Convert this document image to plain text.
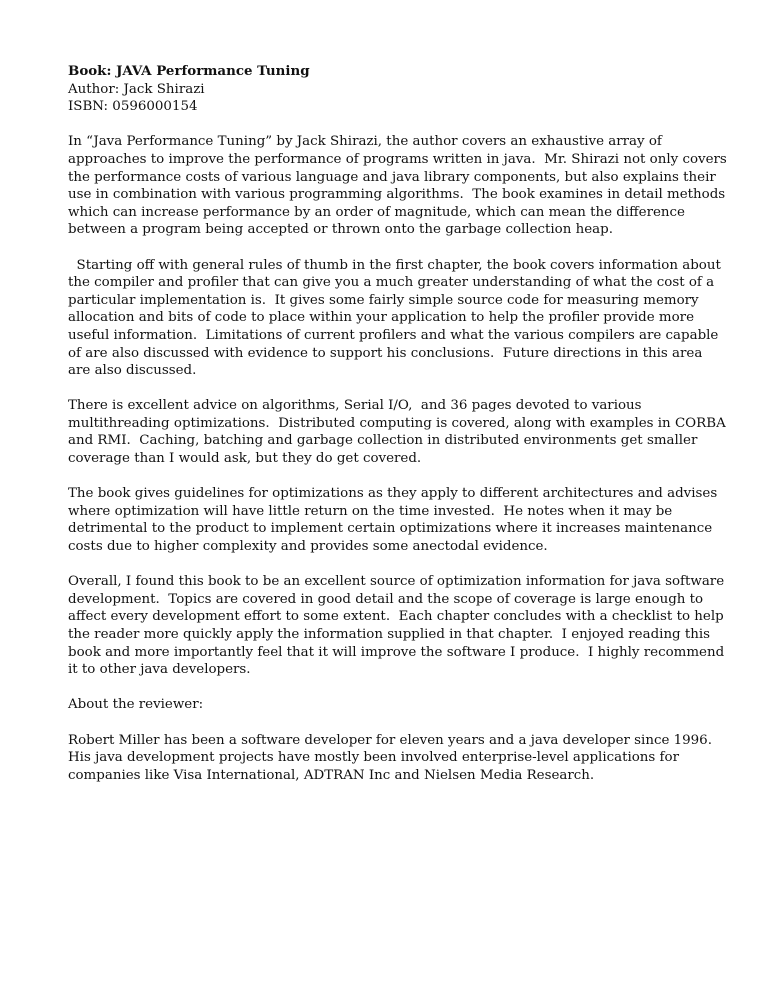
Book: JAVA Performance Tuning

Author: Jack Shirazi

ISBN: 0596000154

In “Java Performance Tuning” by Jack Shirazi, the author covers an exhaustive array of approaches to improve the performance of programs written in java.  Mr. Shirazi not only covers the performance costs of various language and java library components, but also explains their use in combination with various programming algorithms.  The book examines in detail methods which can increase performance by an order of magnitude, which can mean the difference between a program being accepted or thrown onto the garbage collection heap.

Starting off with general rules of thumb in the first chapter, the book covers information about the compiler and profiler that can give you a much greater understanding of what the cost of a particular implementation is.  It gives some fairly simple source code for measuring memory allocation and bits of code to place within your application to help the profiler provide more useful information.  Limitations of current profilers and what the various compilers are capable of are also discussed with evidence to support his conclusions.  Future directions in this area are also discussed.

There is excellent advice on algorithms, Serial I/O,  and 36 pages devoted to various multithreading optimizations.  Distributed computing is covered, along with examples in CORBA and RMI.  Caching, batching and garbage collection in distributed environments get smaller coverage than I would ask, but they do get covered.

The book gives guidelines for optimizations as they apply to different architectures and advises where optimization will have little return on the time invested.  He notes when it may be detrimental to the product to implement certain optimizations where it increases maintenance costs due to higher complexity and provides some anectodal evidence.

Overall, I found this book to be an excellent source of optimization information for java software development.  Topics are covered in good detail and the scope of coverage is large enough to affect every development effort to some extent.  Each chapter concludes with a checklist to help the reader more quickly apply the information supplied in that chapter.  I enjoyed reading this book and more importantly feel that it will improve the software I produce.  I highly recommend it to other java developers.

About the reviewer:

Robert Miller has been a software developer for eleven years and a java developer since 1996.  His java development projects have mostly been involved enterprise-level applications for companies like Visa International, ADTRAN Inc and Nielsen Media Research.
